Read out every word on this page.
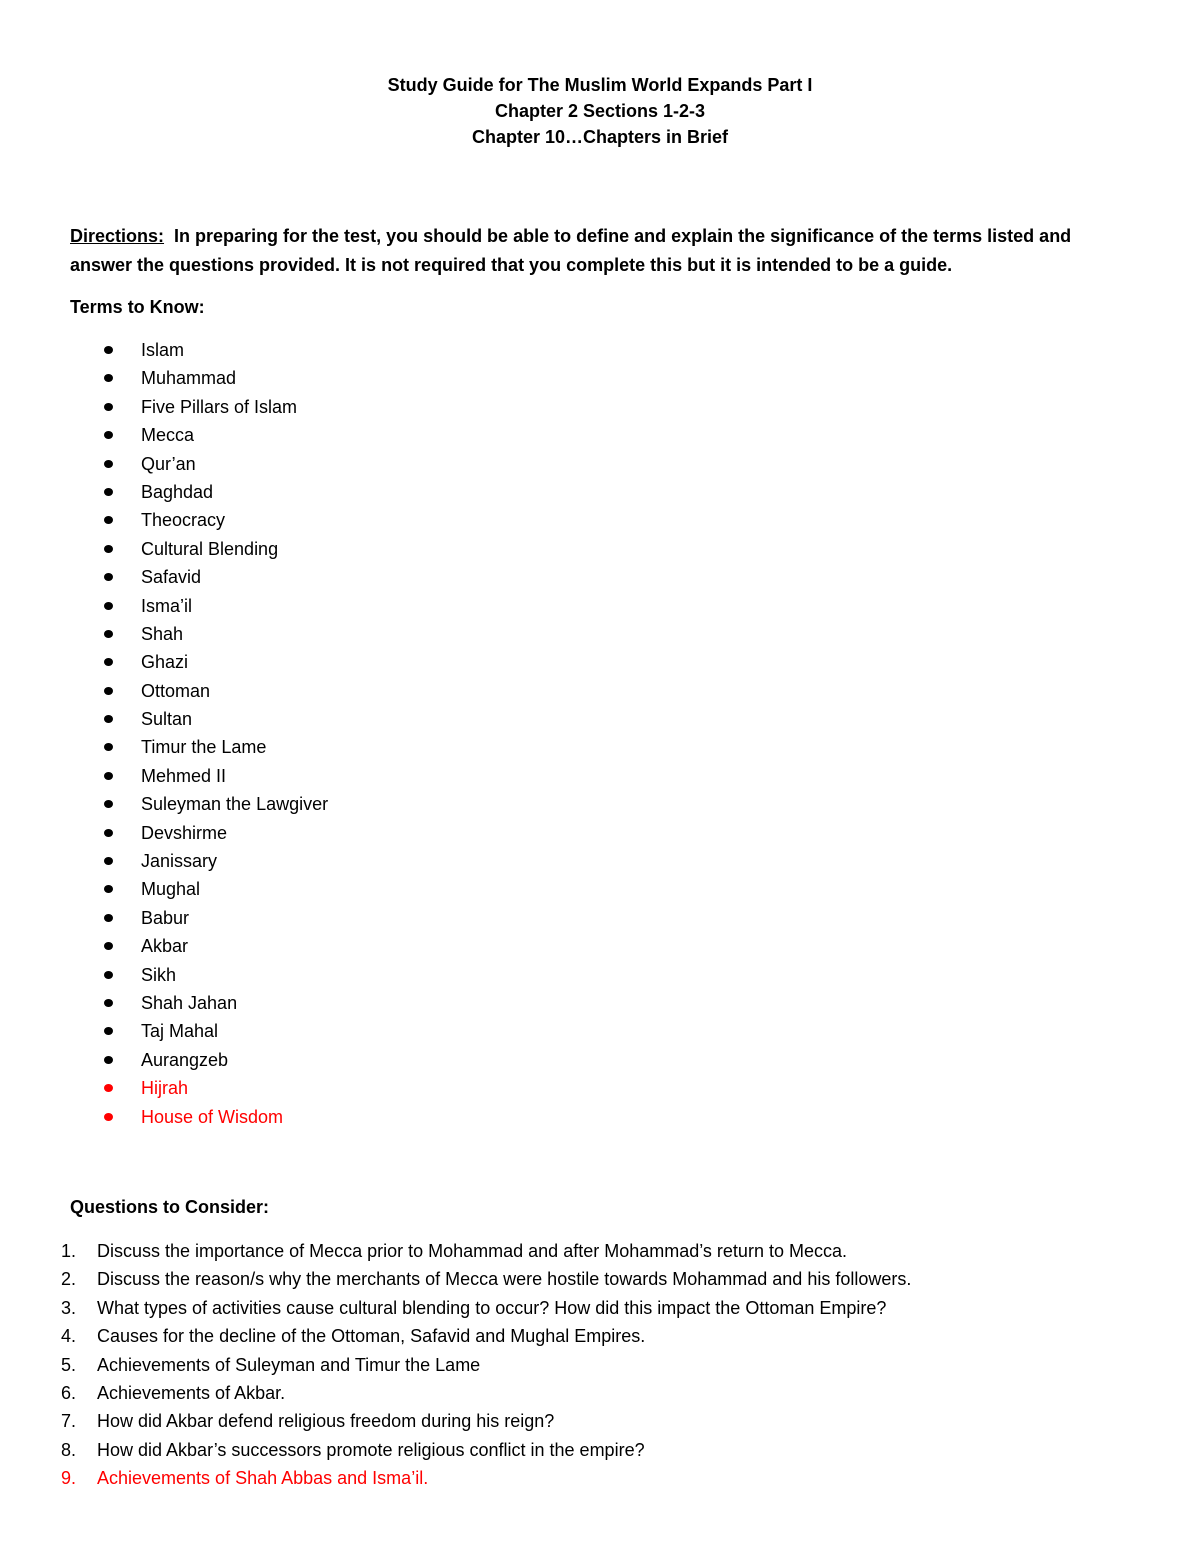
Study Guide for The Muslim World Expands Part I
Chapter 2 Sections 1-2-3
Chapter 10…Chapters in Brief
Directions: In preparing for the test, you should be able to define and explain the significance of the terms listed and answer the questions provided. It is not required that you complete this but it is intended to be a guide.
Terms to Know:
Islam
Muhammad
Five Pillars of Islam
Mecca
Qur’an
Baghdad
Theocracy
Cultural Blending
Safavid
Isma’il
Shah
Ghazi
Ottoman
Sultan
Timur the Lame
Mehmed II
Suleyman the Lawgiver
Devshirme
Janissary
Mughal
Babur
Akbar
Sikh
Shah Jahan
Taj Mahal
Aurangzeb
Hijrah
House of Wisdom
Questions to Consider:
1. Discuss the importance of Mecca prior to Mohammad and after Mohammad’s return to Mecca.
2. Discuss the reason/s why the merchants of Mecca were hostile towards Mohammad and his followers.
3. What types of activities cause cultural blending to occur? How did this impact the Ottoman Empire?
4. Causes for the decline of the Ottoman, Safavid and Mughal Empires.
5. Achievements of Suleyman and Timur the Lame
6. Achievements of Akbar.
7. How did Akbar defend religious freedom during his reign?
8. How did Akbar’s successors promote religious conflict in the empire?
9. Achievements of Shah Abbas and Isma’il.
